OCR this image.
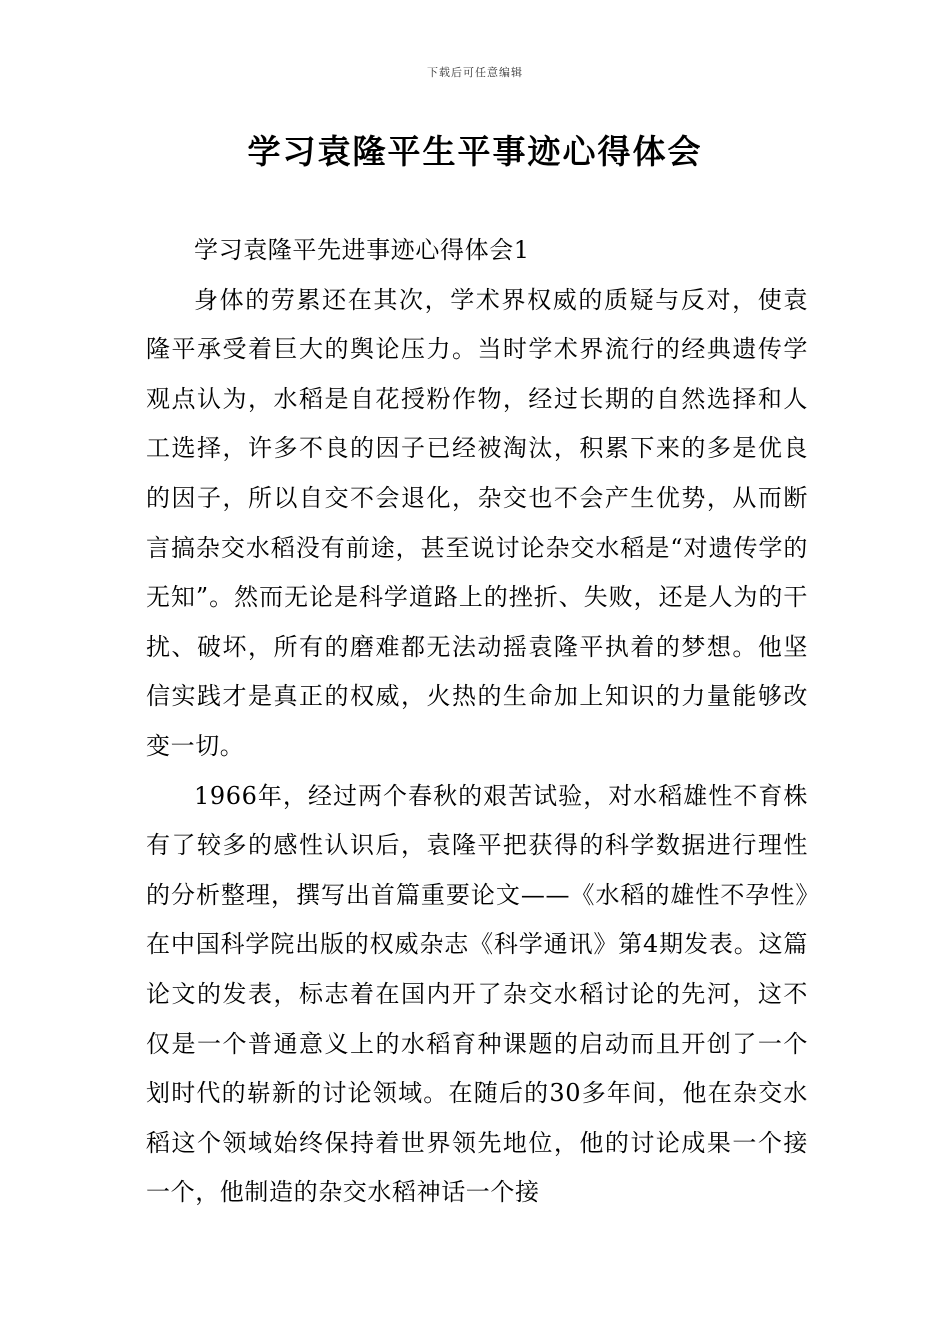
下载后可任意编辑
学习袁隆平生平事迹心得体会

学习袁隆平先进事迹心得体会1

身体的劳累还在其次，学术界权威的质疑与反对，使袁隆平承受着巨大的舆论压力。当时学术界流行的经典遗传学观点认为，水稻是自花授粉作物，经过长期的自然选择和人工选择，许多不良的因子已经被淘汰，积累下来的多是优良的因子，所以自交不会退化，杂交也不会产生优势，从而断言搞杂交水稻没有前途，甚至说讨论杂交水稻是“对遗传学的无知”。然而无论是科学道路上的挫折、失败，还是人为的干扰、破坏，所有的磨难都无法动摇袁隆平执着的梦想。他坚信实践才是真正的权威，火热的生命加上知识的力量能够改变一切。

1966年，经过两个春秋的艰苦试验，对水稻雄性不育株有了较多的感性认识后，袁隆平把获得的科学数据进行理性的分析整理，撰写出首篇重要论文——《水稻的雄性不孕性》在中国科学院出版的权威杂志《科学通讯》第4期发表。这篇论文的发表，标志着在国内开了杂交水稻讨论的先河，这不仅是一个普通意义上的水稻育种课题的启动而且开创了一个划时代的崭新的讨论领域。在随后的30多年间，他在杂交水稻这个领域始终保持着世界领先地位，他的讨论成果一个接一个，他制造的杂交水稻神话一个接
